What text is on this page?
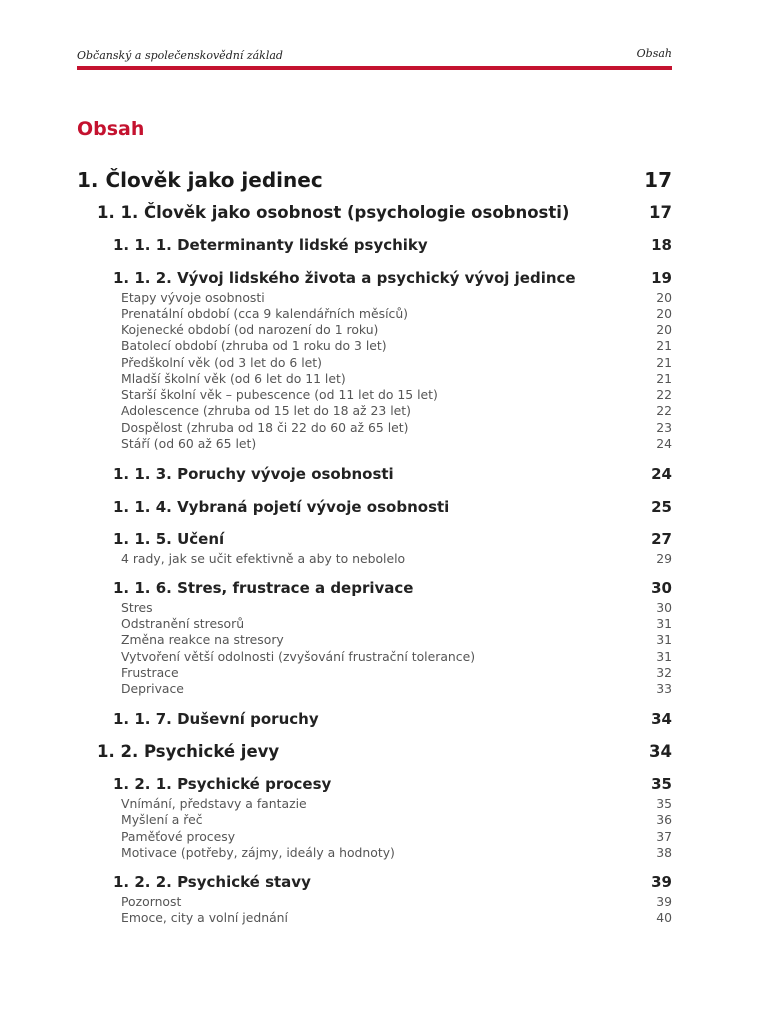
Občanský a společenskovědní základ	Obsah
Obsah
1. Člověk jako jedinec	17
1. 1. Člověk jako osobnost (psychologie osobnosti)	17
1. 1. 1. Determinanty lidské psychiky	18
1. 1. 2. Vývoj lidského života a psychický vývoj jedince	19
Etapy vývoje osobnosti	20
Prenatální období (cca 9 kalendářních měsíců)	20
Kojenecké období (od narození do 1 roku)	20
Batolecí období (zhruba od 1 roku do 3 let)	21
Předškolní věk (od 3 let do 6 let)	21
Mladší školní věk (od 6 let do 11 let)	21
Starší školní věk – pubescence (od 11 let do 15 let)	22
Adolescence (zhruba od 15 let do 18 až 23 let)	22
Dospělost (zhruba od 18 či 22 do 60 až 65 let)	23
Stáří (od 60 až 65 let)	24
1. 1. 3. Poruchy vývoje osobnosti	24
1. 1. 4. Vybraná pojetí vývoje osobnosti	25
1. 1. 5. Učení	27
4 rady, jak se učit efektivně a aby to nebolelo	29
1. 1. 6. Stres, frustrace a deprivace	30
Stres	30
Odstranění stresorů	31
Změna reakce na stresory	31
Vytvoření větší odolnosti (zvyšování frustrační tolerance)	31
Frustrace	32
Deprivace	33
1. 1. 7. Duševní poruchy	34
1. 2. Psychické jevy	34
1. 2. 1. Psychické procesy	35
Vnímání, představy a fantazie	35
Myšlení a řeč	36
Paměťové procesy	37
Motivace (potřeby, zájmy, ideály a hodnoty)	38
1. 2. 2. Psychické stavy	39
Pozornost	39
Emoce, city a volní jednání	40
